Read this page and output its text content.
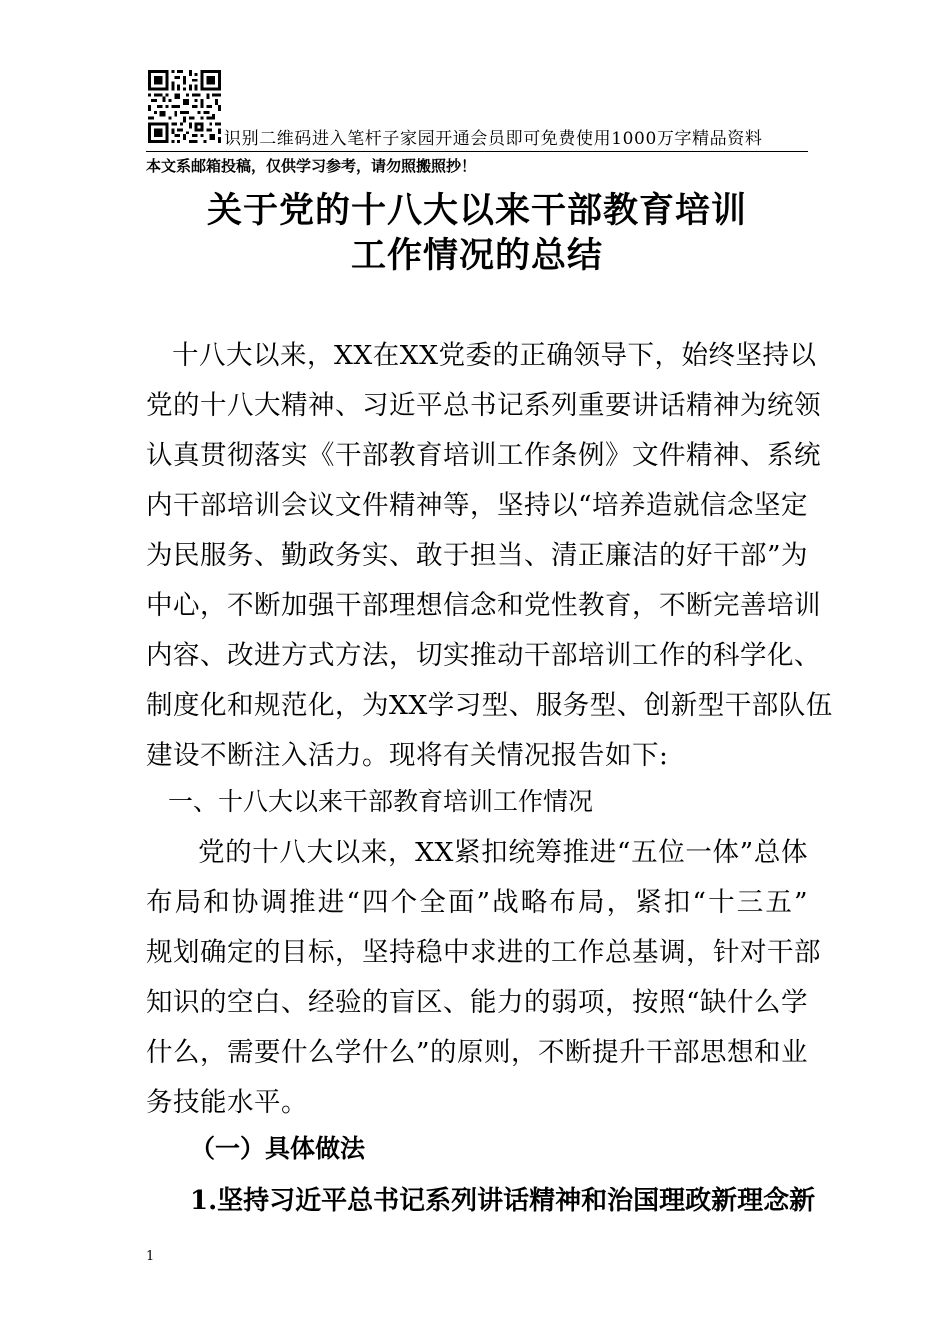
识别二维码进入笔杆子家园开通会员即可免费使用1000万字精品资料
本文系邮箱投稿，仅供学习参考，请勿照搬照抄！
关于党的十八大以来干部教育培训
工作情况的总结
十八大以来，XX在XX党委的正确领导下，始终坚持以
党的十八大精神、习近平总书记系列重要讲话精神为统领
认真贯彻落实《干部教育培训工作条例》文件精神、系统
内干部培训会议文件精神等，坚持以“培养造就信念坚定
为民服务、勤政务实、敢于担当、清正廉洁的好干部”为
中心，不断加强干部理想信念和党性教育，不断完善培训
内容、改进方式方法，切实推动干部培训工作的科学化、
制度化和规范化，为XX学习型、服务型、创新型干部队伍
建设不断注入活力。现将有关情况报告如下:
一、十八大以来干部教育培训工作情况
党的十八大以来，XX紧扣统筹推进“五位一体”总体
布局和协调推进“四个全面”战略布局，紧扣“十三五”
规划确定的目标，坚持稳中求进的工作总基调，针对干部
知识的空白、经验的盲区、能力的弱项，按照“缺什么学
什么，需要什么学什么”的原则，不断提升干部思想和业
务技能水平。
（一）具体做法
1.坚持习近平总书记系列讲话精神和治国理政新理念新
1
